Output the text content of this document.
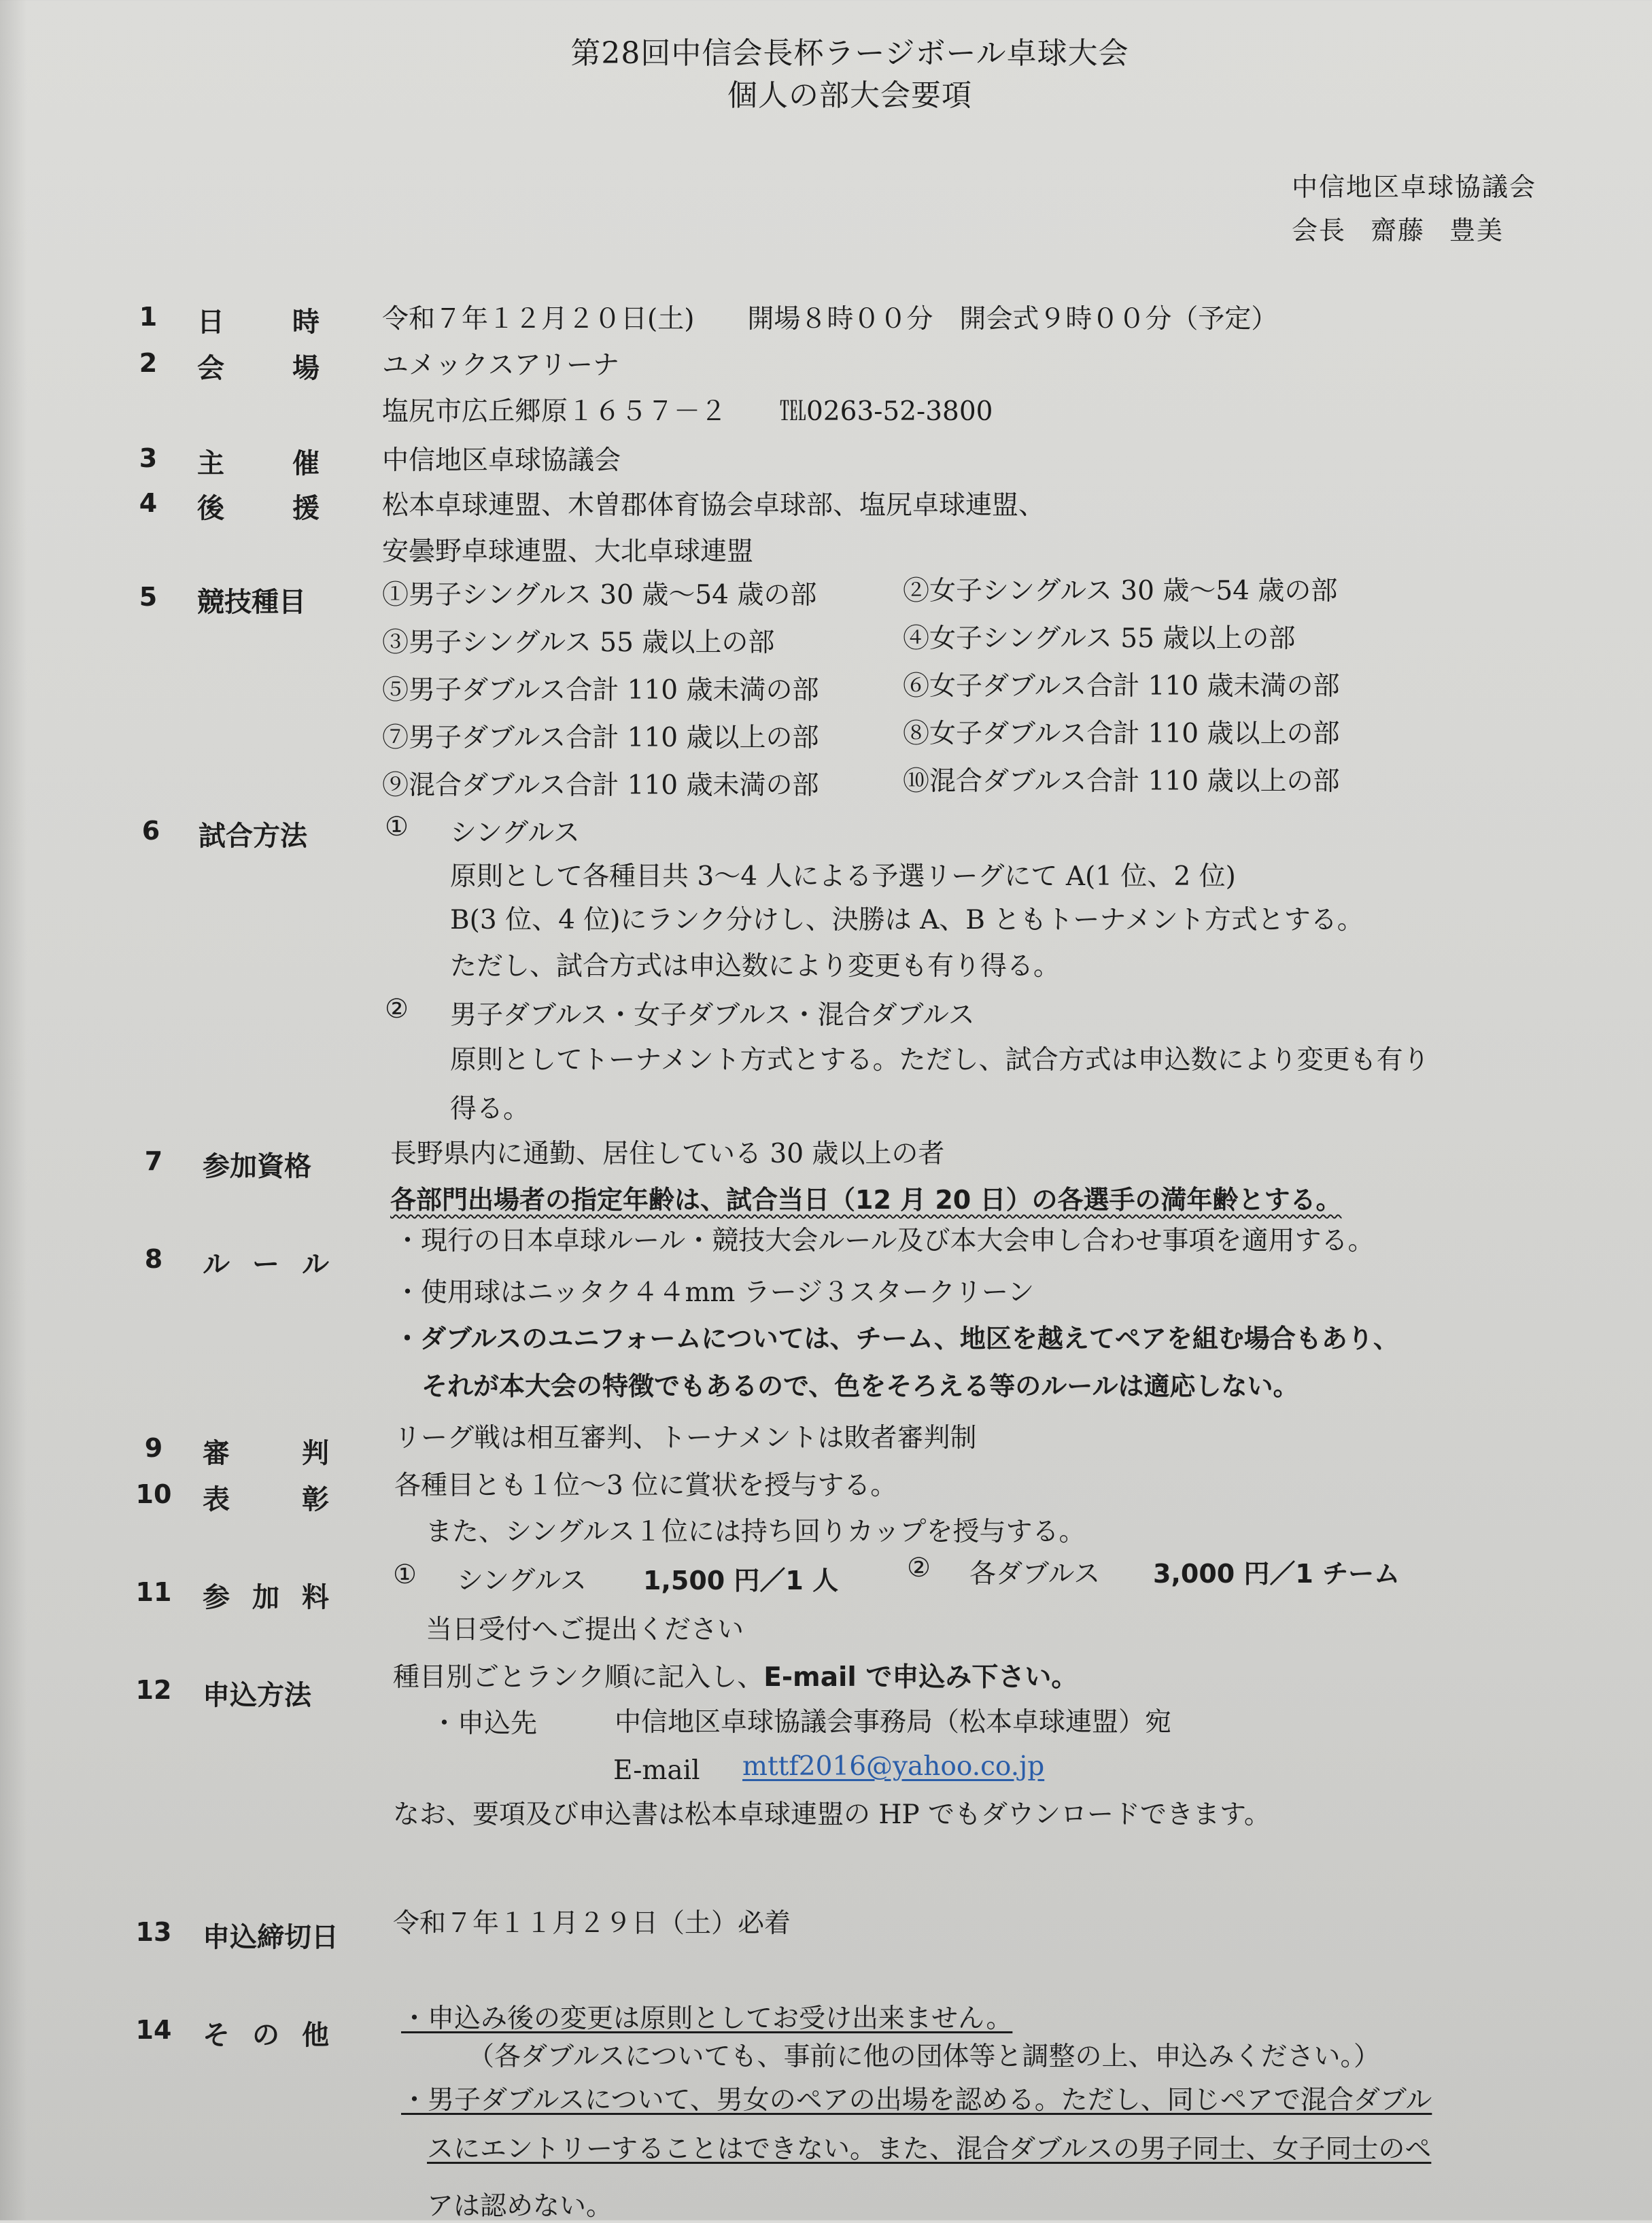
第28回中信会長杯ラージボール卓球大会
個人の部大会要項
中信地区卓球協議会
会長 齋藤 豊美
1	日	時 令和７年１２月２０日(土)　　開場８時００分　開会式９時００分（予定）
2	会	場 ユメックスアリーナ
塩尻市広丘郷原１６５７－２　　℡0263-52-3800
3	主	催 中信地区卓球協議会
4	後	援 松本卓球連盟、木曽郡体育協会卓球部、塩尻卓球連盟、
安曇野卓球連盟、大北卓球連盟
5	競技種目	①男子シングルス 30 歳～54 歳の部	②女子シングルス 30 歳～54 歳の部
③男子シングルス 55 歳以上の部	④女子シングルス 55 歳以上の部
⑤男子ダブルス合計 110 歳未満の部	⑥女子ダブルス合計 110 歳未満の部
⑦男子ダブルス合計 110 歳以上の部	⑧女子ダブルス合計 110 歳以上の部
⑨混合ダブルス合計 110 歳未満の部	⑩混合ダブルス合計 110 歳以上の部
6	試合方法	① シングルス
原則として各種目共 3～4 人による予選リーグにて A(1 位、2 位)
B(3 位、4 位)にランク分けし、決勝は A、B ともトーナメント方式とする。
ただし、試合方式は申込数により変更も有り得る。
② 男子ダブルス・女子ダブルス・混合ダブルス
原則としてトーナメント方式とする。ただし、試合方式は申込数により変更も有り
得る。
7	参加資格	長野県内に通勤、居住している 30 歳以上の者
各部門出場者の指定年齢は、試合当日（12 月 20 日）の各選手の満年齢とする。
8	ル ー ル
・現行の日本卓球ルール・競技大会ルール及び本大会申し合わせ事項を適用する。
・使用球はニッタク４４mm ラージ３スタークリーン
・ダブルスのユニフォームについては、チーム、地区を越えてペアを組む場合もあり、
それが本大会の特徴でもあるので、色をそろえる等のルールは適応しない。
9	審	判 リーグ戦は相互審判、トーナメントは敗者審判制
10 表	彰 各種目とも１位～3 位に賞状を授与する。
また、シングルス１位には持ち回りカップを授与する。
11 参 加 料
① シングルス 1,500 円／1 人	② 各ダブルス 3,000 円／1 チーム
当日受付へご提出ください
12 申込方法
種目別ごとランク順に記入し、E-mail で申込み下さい。
・申込先	中信地区卓球協議会事務局（松本卓球連盟）宛
E-mail mttf2016@yahoo.co.jp
なお、要項及び申込書は松本卓球連盟の HP でもダウンロードできます。
13 申込締切日 令和７年１１月２９日（土）必着
14 そ の 他
・申込み後の変更は原則としてお受け出来ません。
（各ダブルスについても、事前に他の団体等と調整の上、申込みください。）
・男子ダブルスについて、男女のペアの出場を認める。ただし、同じペアで混合ダブル
スにエントリーすることはできない。また、混合ダブルスの男子同士、女子同士のペ
アは認めない。
